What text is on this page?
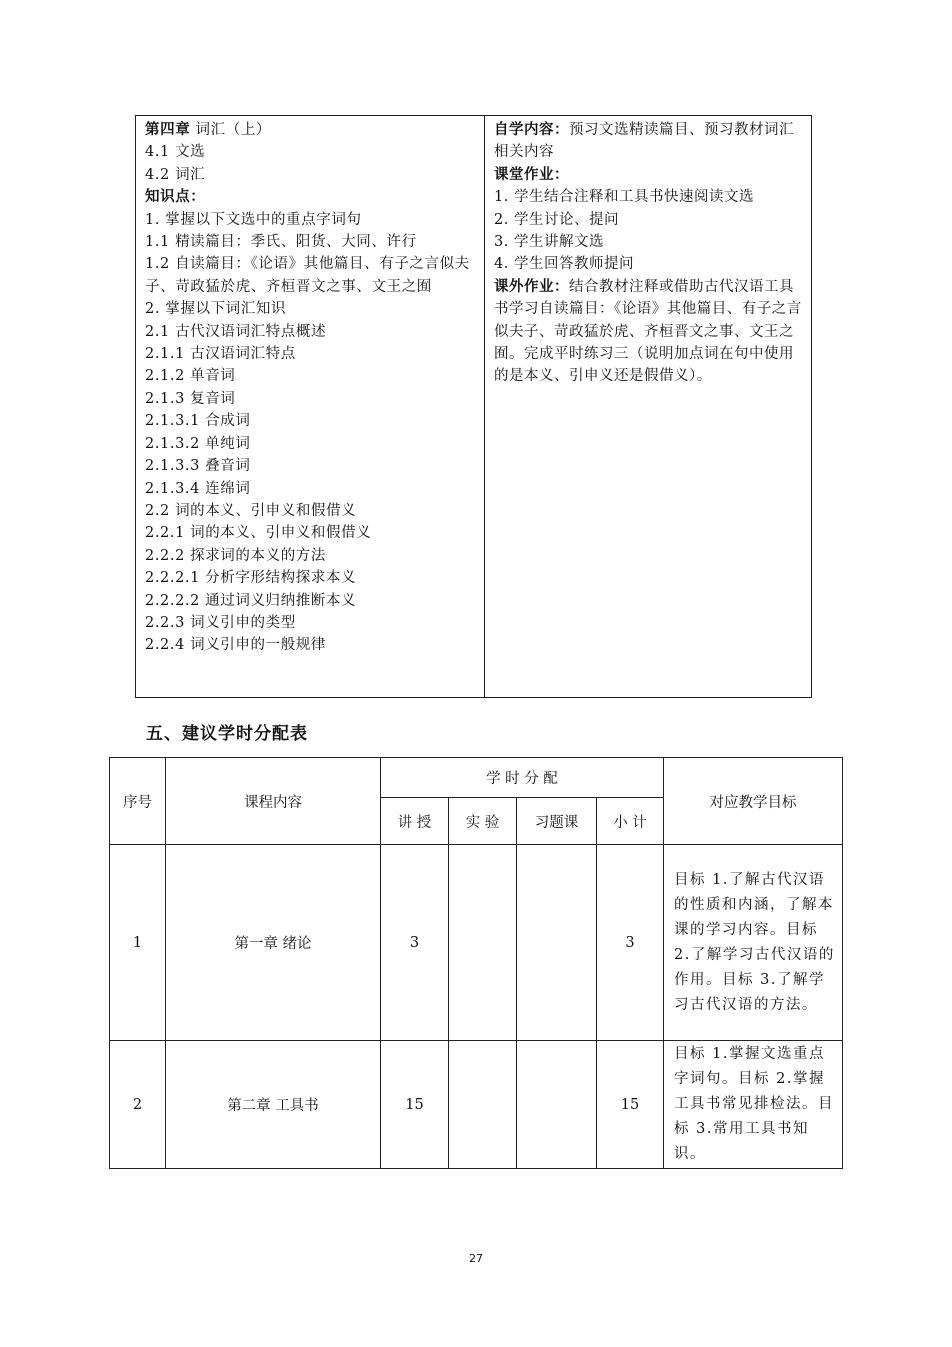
第四章 词汇（上）
4.1 文选
4.2 词汇
知识点：
1. 掌握以下文选中的重点字词句
1.1 精读篇目：季氏、阳货、大同、许行
1.2 自读篇目：《论语》其他篇目、有子之言似夫子、苛政猛於虎、齐桓晋文之事、文王之囿
2. 掌握以下词汇知识
2.1 古代汉语词汇特点概述
2.1.1 古汉语词汇特点
2.1.2 单音词
2.1.3 复音词
2.1.3.1 合成词
2.1.3.2 单纯词
2.1.3.3 叠音词
2.1.3.4 连绵词
2.2 词的本义、引申义和假借义
2.2.1 词的本义、引申义和假借义
2.2.2 探求词的本义的方法
2.2.2.1 分析字形结构探求本义
2.2.2.2 通过词义归纳推断本义
2.2.3 词义引申的类型
2.2.4 词义引申的一般规律
自学内容：预习文选精读篇目、预习教材词汇相关内容
课堂作业：
1. 学生结合注释和工具书快速阅读文选
2. 学生讨论、提问
3. 学生讲解文选
4. 学生回答教师提问
课外作业：结合教材注释或借助古代汉语工具书学习自读篇目：《论语》其他篇目、有子之言似夫子、苛政猛於虎、齐桓晋文之事、文王之囿。完成平时练习三（说明加点词在句中使用的是本义、引申义还是假借义）。
五、建议学时分配表
序号	课程内容	学 时 分 配				对应教学目标
		讲 授	实 验	习题课	小 计	
1	第一章 绪论	3			3	目标 1.了解古代汉语的性质和内涵，了解本课的学习内容。目标 2.了解学习古代汉语的作用。目标 3.了解学习古代汉语的方法。
2	第二章 工具书	15			15	目标 1.掌握文选重点字词句。目标 2.掌握工具书常见排检法。目标 3.常用工具书知识。
27
